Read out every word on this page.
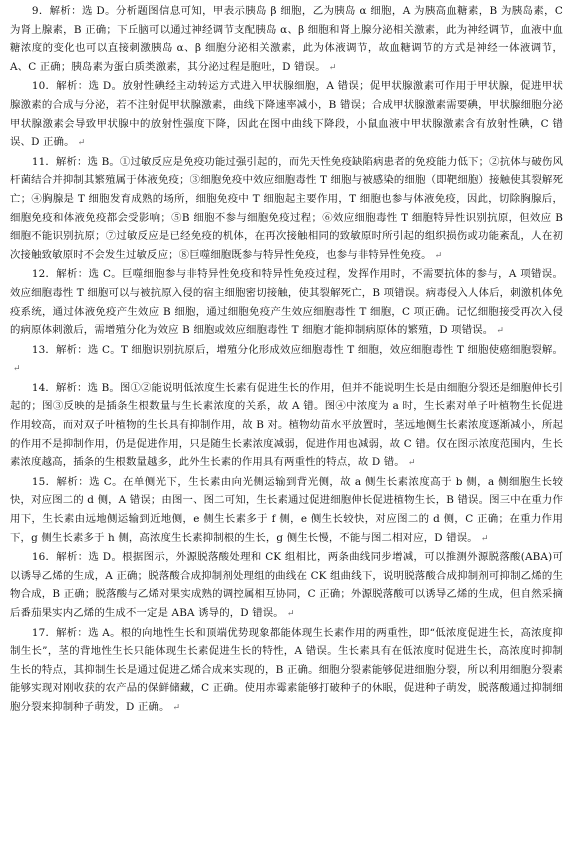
9．解析：选 D。分析题图信息可知，甲表示胰岛 β 细胞，乙为胰岛 α 细胞，A 为胰高血糖素，B 为胰岛素，C 为肾上腺素，B 正确；下丘脑可以通过神经调节支配胰岛 α、β 细胞和肾上腺分泌相关激素，此为神经调节，血液中血糖浓度的变化也可以直接刺激胰岛 α、β 细胞分泌相关激素，此为体液调节，故血糖调节的方式是神经一体液调节，A、C 正确；胰岛素为蛋白质类激素，其分泌过程是胞吐，D 错误。 ↵

10．解析：选 D。放射性碘经主动转运方式进入甲状腺细胞，A 错误；促甲状腺激素可作用于甲状腺，促进甲状腺激素的合成与分泌，若不注射促甲状腺激素，曲线下降速率减小，B 错误；合成甲状腺激素需要碘，甲状腺细胞分泌甲状腺激素会导致甲状腺中的放射性强度下降，因此在图中曲线下降段，小鼠血液中甲状腺激素含有放射性碘，C 错误、D 正确。 ↵

11．解析：选 B。①过敏反应是免疫功能过强引起的，而先天性免疫缺陷病患者的免疫能力低下；②抗体与破伤风杆菌结合并抑制其繁殖属于体液免疫；③细胞免疫中效应细胞毒性 T 细胞与被感染的细胞（即靶细胞）接触使其裂解死亡；④胸腺是 T 细胞发育成熟的场所，细胞免疫中 T 细胞起主要作用，T 细胞也参与体液免疫，因此，切除胸腺后，细胞免疫和体液免疫都会受影响；⑤B 细胞不参与细胞免疫过程；⑥效应细胞毒性 T 细胞特异性识别抗原，但效应 B 细胞不能识别抗原；⑦过敏反应是已经免疫的机体，在再次接触相同的致敏原时所引起的组织损伤或功能紊乱，人在初次接触致敏原时不会发生过敏反应；⑧巨噬细胞既参与特异性免疫，也参与非特异性免疫。 ↵

12．解析：选 C。巨噬细胞参与非特异性免疫和特异性免疫过程，发挥作用时，不需要抗体的参与，A 项错误。效应细胞毒性 T 细胞可以与被抗原入侵的宿主细胞密切接触，使其裂解死亡，B 项错误。病毒侵入人体后，刺激机体免疫系统，通过体液免疫产生效应 B 细胞，通过细胞免疫产生效应细胞毒性 T 细胞，C 项正确。记忆细胞接受再次入侵的病原体刺激后，需增殖分化为效应 B 细胞或效应细胞毒性 T 细胞才能抑制病原体的繁殖，D 项错误。 ↵

13．解析：选 C。T 细胞识别抗原后，增殖分化形成效应细胞毒性 T 细胞，效应细胞毒性 T 细胞使癌细胞裂解。↵

14．解析：选 B。图①②能说明低浓度生长素有促进生长的作用，但并不能说明生长是由细胞分裂还是细胞伸长引起的；图③反映的是插条生根数量与生长素浓度的关系，故 A 错。图④中浓度为 a 时，生长素对单子叶植物生长促进作用较高，而对双子叶植物的生长具有抑制作用，故 B 对。植物幼苗水平放置时，茎远地侧生长素浓度逐渐减小，所起的作用不是抑制作用，仍是促进作用，只是随生长素浓度减弱，促进作用也减弱，故 C 错。仅在图示浓度范围内，生长素浓度越高，插条的生根数量越多，此外生长素的作用具有两重性的特点，故 D 错。 ↵

15．解析：选 C。在单侧光下，生长素由向光侧运输到背光侧，故 a 侧生长素浓度高于 b 侧，a 侧细胞生长较快，对应图二的 d 侧，A 错误；由图一、图二可知，生长素通过促进细胞伸长促进植物生长，B 错误。图三中在重力作用下，生长素由远地侧运输到近地侧，e 侧生长素多于 f 侧，e 侧生长较快，对应图二的 d 侧，C 正确；在重力作用下，g 侧生长素多于 h 侧，高浓度生长素抑制根的生长，g 侧生长慢，不能与图二相对应，D 错误。 ↵

16．解析：选 D。根据图示，外源脱落酸处理和 CK 组相比，两条曲线同步增减，可以推测外源脱落酸(ABA)可以诱导乙烯的生成，A 正确；脱落酸合成抑制剂处理组的曲线在 CK 组曲线下，说明脱落酸合成抑制剂可抑制乙烯的生物合成，B 正确；脱落酸与乙烯对果实成熟的调控属相互协同，C 正确；外源脱落酸可以诱导乙烯的生成，但自然采摘后番茄果实内乙烯的生成不一定是 ABA 诱导的，D 错误。 ↵

17．解析：选 A。根的向地性生长和顶端优势现象都能体现生长素作用的两重性，即“低浓度促进生长，高浓度抑制生长”，茎的背地性生长只能体现生长素促进生长的特性，A 错误。生长素具有在低浓度时促进生长，高浓度时抑制生长的特点，其抑制生长是通过促进乙烯合成来实现的，B 正确。细胞分裂素能够促进细胞分裂，所以利用细胞分裂素能够实现对刚收获的农产品的保鲜储藏，C 正确。使用赤霉素能够打破种子的休眠，促进种子萌发，脱落酸通过抑制细胞分裂来抑制种子萌发，D 正确。 ↵
